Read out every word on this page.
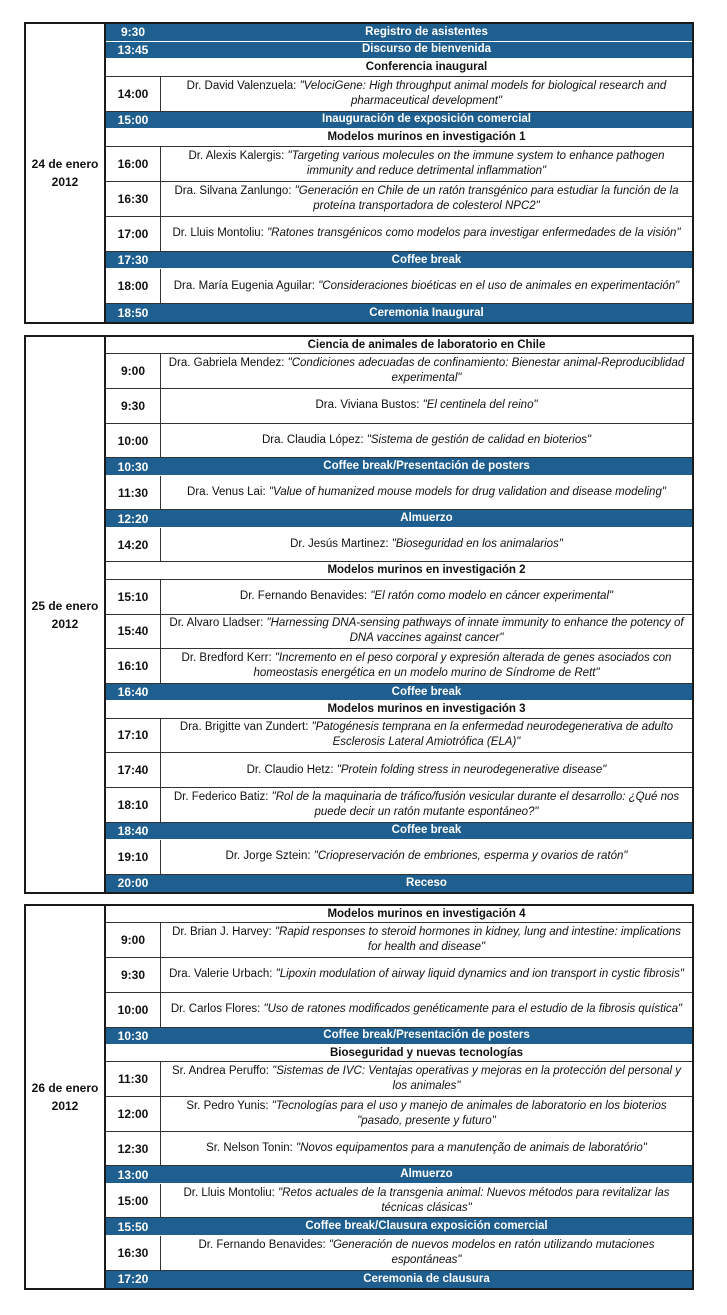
24 de enero
2012
9:30	Registro de asistentes
13:45	Discurso de bienvenida
Conferencia inaugural
14:00
Dr. David Valenzuela: "VelociGene: High throughput animal models for biological research and pharmaceutical development"
15:00	Inauguración de exposición comercial
Modelos murinos en investigación 1
16:00
Dr. Alexis Kalergis: "Targeting various molecules on the immune system to enhance pathogen immunity and reduce detrimental inflammation"
16:30
Dra. Silvana Zanlungo: "Generación en Chile de un ratón transgénico para estudiar la función de la proteína transportadora de colesterol NPC2"
17:00	Dr. Lluis Montoliu: "Ratones transgénicos como modelos para investigar enfermedades de la visión"
17:30	Coffee break
18:00	Dra. María Eugenia Aguilar: "Consideraciones bioéticas en el uso de animales en experimentación"
18:50	Ceremonia Inaugural
25 de enero
2012
Ciencia de animales de laboratorio en Chile
9:00
Dra. Gabriela Mendez: "Condiciones adecuadas de confinamiento: Bienestar animal-Reproduciblidad experimental"
9:30	Dra. Viviana Bustos: "El centinela del reino"
10:00	Dra. Claudia López: "Sistema de gestión de calidad en bioterios"
10:30	Coffee break/Presentación de posters
11:30	Dra. Venus Lai: "Value of humanized mouse models for drug validation and disease modeling"
12:20	Almuerzo
14:20	Dr. Jesús Martinez: "Bioseguridad en los animalarios"
Modelos murinos en investigación 2
15:10	Dr. Fernando Benavides: "El ratón como modelo en cáncer experimental"
15:40
Dr. Alvaro Lladser: "Harnessing DNA-sensing pathways of innate immunity to enhance the potency of DNA vaccines against cancer"
16:10
Dr. Bredford Kerr: "Incremento en el peso corporal y expresión alterada de genes asociados con homeostasis energética en un modelo murino de Síndrome de Rett"
16:40	Coffee break
Modelos murinos en investigación 3
17:10
Dra. Brigitte van Zundert: "Patogénesis temprana en la enfermedad neurodegenerativa de adulto Esclerosis Lateral Amiotrófica (ELA)"
17:40	Dr. Claudio Hetz: "Protein folding stress in neurodegenerative disease"
18:10
Dr. Federico Batiz: "Rol de la maquinaria de tráfico/fusión vesicular durante el desarrollo: ¿Qué nos puede decir un ratón mutante espontáneo?"
18:40	Coffee break
19:10	Dr. Jorge Sztein: "Criopreservación de embriones, esperma y ovarios de ratón"
20:00	Receso
26 de enero
2012
Modelos murinos en investigación 4
9:00
Dr. Brian J. Harvey: "Rapid responses to steroid hormones in kidney, lung and intestine: implications for health and disease"
9:30	Dra. Valerie Urbach: "Lipoxin modulation of airway liquid dynamics and ion transport in cystic fibrosis"
10:00	Dr. Carlos Flores: "Uso de ratones modificados genéticamente para el estudio de la fibrosis quística"
10:30	Coffee break/Presentación de posters
Bioseguridad y nuevas tecnologías
11:30
Sr. Andrea Peruffo: "Sistemas de IVC: Ventajas operativas y mejoras en la protección del personal y los animales"
12:00
Sr. Pedro Yunis: "Tecnologías para el uso y manejo de animales de laboratorio en los bioterios "pasado, presente y futuro"
12:30	Sr. Nelson Tonin: "Novos equipamentos para a manutenção de animais de laboratório"
13:00	Almuerzo
15:00
Dr. Lluis Montoliu: "Retos actuales de la transgenia animal: Nuevos métodos para revitalizar las técnicas clásicas"
15:50	Coffee break/Clausura exposición comercial
16:30
Dr. Fernando Benavides: "Generación de nuevos modelos en ratón utilizando mutaciones espontáneas"
17:20	Ceremonia de clausura
